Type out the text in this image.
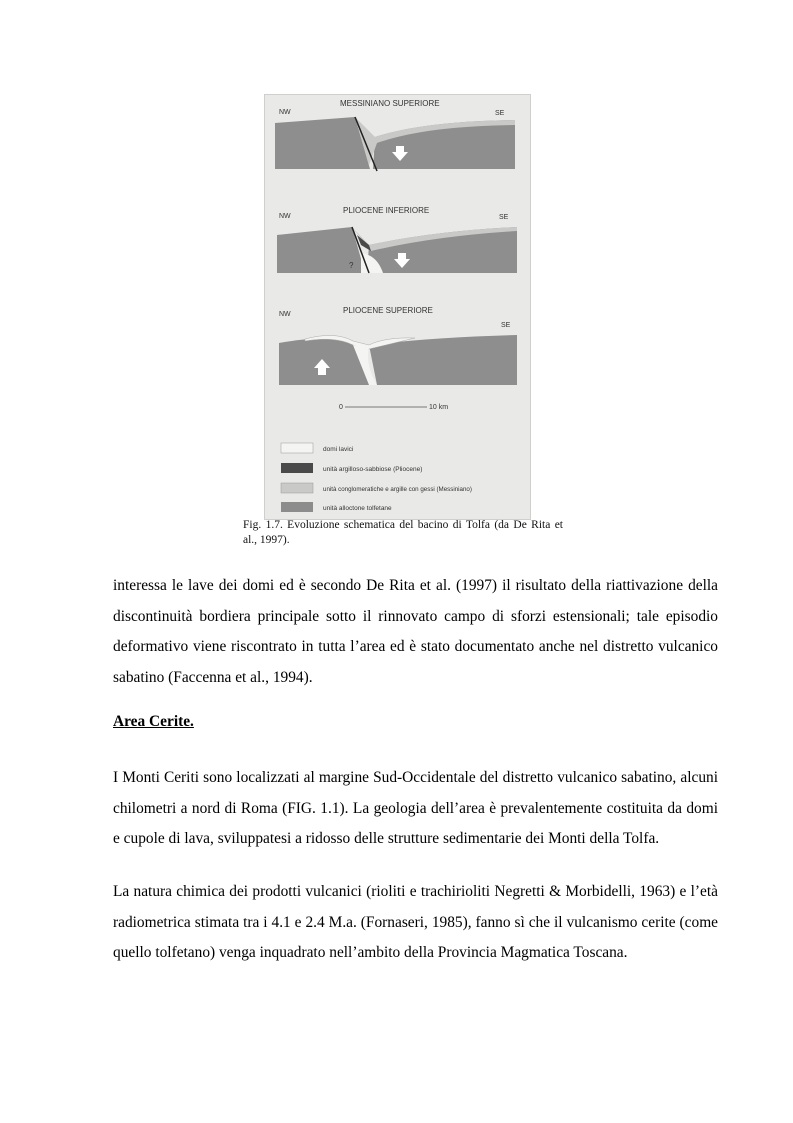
MESSINIANO SUPERIORE
NW	SE
PLIOCENE INFERIORE
NW	SE
?
PLIOCENE SUPERIORE
NW
SE
0	10 km
domi lavici
unità argilloso-sabbiose (Pliocene)
unità conglomeratiche e argille con gessi (Messiniano)
unità alloctone tolfetane
Fig. 1.7. Evoluzione schematica del bacino di Tolfa (da De Rita et al., 1997).

interessa le lave dei domi ed è secondo De Rita et al. (1997) il risultato della riattivazione della discontinuità bordiera principale sotto il rinnovato campo di sforzi estensionali; tale episodio deformativo viene riscontrato in tutta l’area ed è stato documentato anche nel distretto vulcanico sabatino (Faccenna et al., 1994).

Area Cerite.

I Monti Ceriti sono localizzati al margine Sud-Occidentale del distretto vulcanico sabatino, alcuni chilometri a nord di Roma (FIG. 1.1). La geologia dell’area è prevalentemente costituita da domi e cupole di lava, sviluppatesi a ridosso delle strutture sedimentarie dei Monti della Tolfa.

La natura chimica dei prodotti vulcanici (rioliti e trachirioliti Negretti & Morbidelli, 1963) e l’età radiometrica stimata tra i 4.1 e 2.4 M.a. (Fornaseri, 1985), fanno sì che il vulcanismo cerite (come quello tolfetano) venga inquadrato nell’ambito della Provincia Magmatica Toscana.
